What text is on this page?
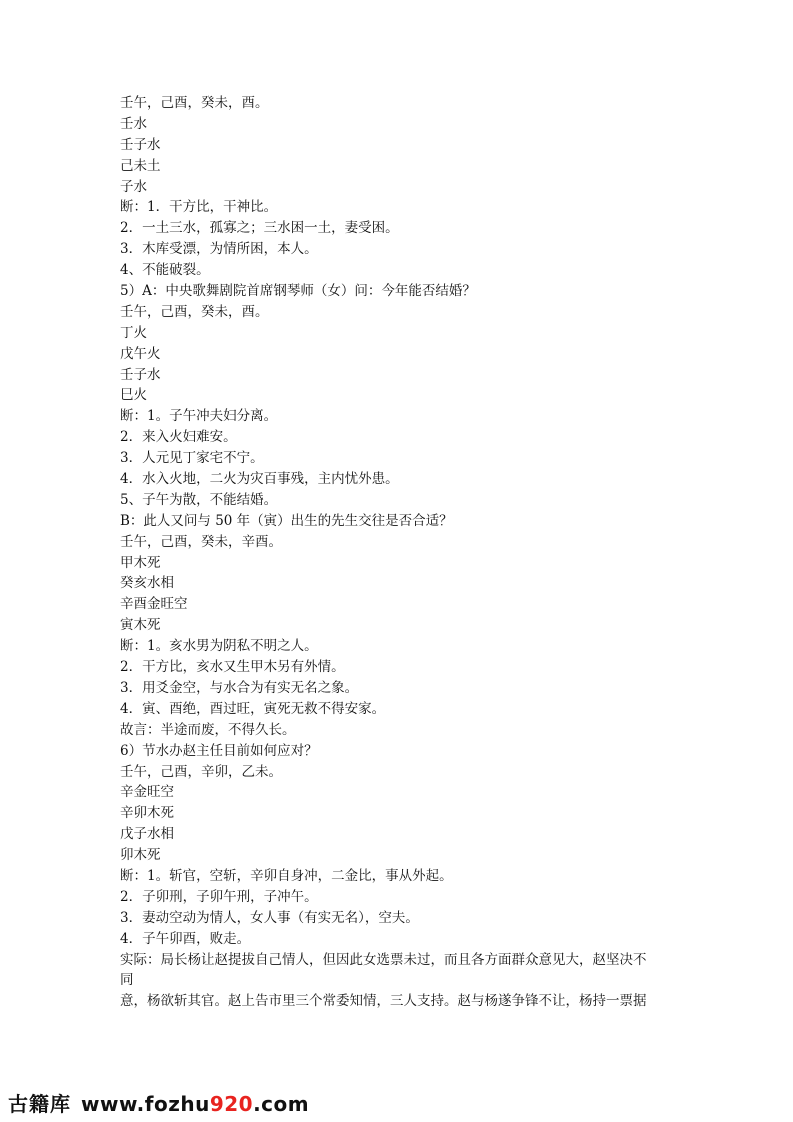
壬午，己酉，癸未，酉。
壬水
壬子水
己未土
子水
断：1．干方比，干神比。
2．一土三水，孤寡之；三水困一土，妻受困。
3．木库受漂，为情所困，本人。
4、不能破裂。
5）A：中央歌舞剧院首席钢琴师（女）问：今年能否结婚？
壬午，己酉，癸未，酉。
丁火
戊午火
壬子水
巳火
断：1。子午冲夫妇分离。
2．来入火妇难安。
3．人元见丁家宅不宁。
4．水入火地，二火为灾百事残，主内忧外患。
5、子午为散，不能结婚。
B：此人又问与 50 年（寅）出生的先生交往是否合适？
壬午，己酉，癸未，辛酉。
甲木死
癸亥水相
辛酉金旺空
寅木死
断：1。亥水男为阴私不明之人。
2．干方比，亥水又生甲木另有外情。
3．用爻金空，与水合为有实无名之象。
4．寅、酉绝，酉过旺，寅死无救不得安家。
故言：半途而废，不得久长。
6）节水办赵主任目前如何应对？
壬午，己酉，辛卯，乙未。
辛金旺空
辛卯木死
戊子水相
卯木死
断：1。斩官，空斩，辛卯自身冲，二金比，事从外起。
2．子卯刑，子卯午刑，子冲午。
3．妻动空动为情人，女人事（有实无名），空夫。
4．子午卯酉，败走。
实际：局长杨让赵提拔自己情人，但因此女选票未过，而且各方面群众意见大，赵坚决不
同
意，杨欲斩其官。赵上告市里三个常委知情，三人支持。赵与杨遂争锋不让，杨持一票据
古籍库 www.fozhu920.com
